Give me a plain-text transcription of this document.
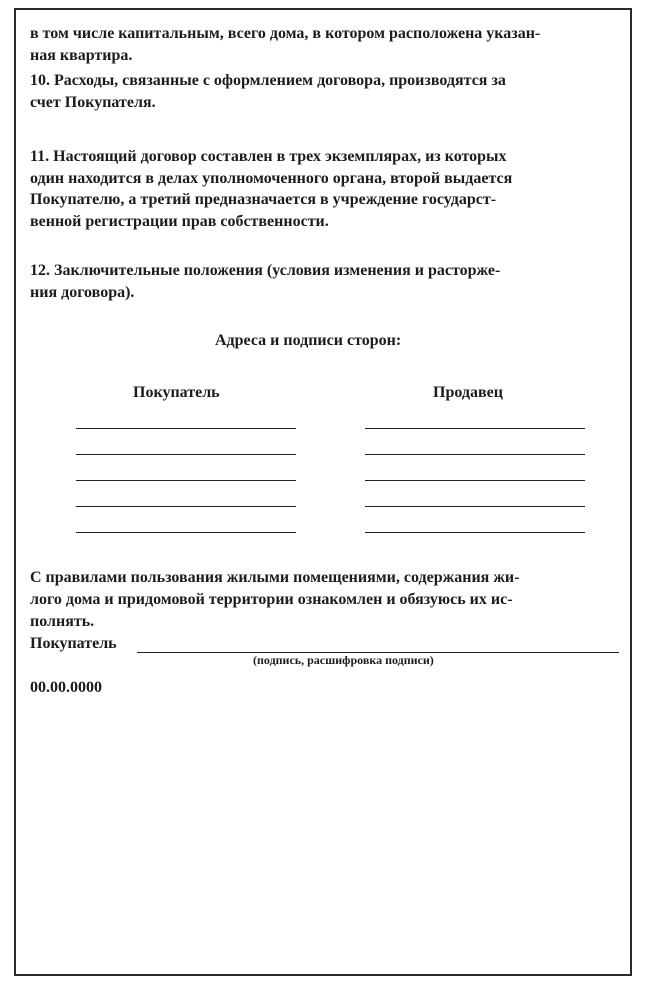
в том числе капитальным, всего дома, в котором расположена указан-
ная квартира.
10. Расходы, связанные с оформлением договора, производятся за
счет Покупателя.
11. Настоящий договор составлен в трех экземплярах, из которых
один находится в делах уполномоченного органа, второй выдается
Покупателю, а третий предназначается в учреждение государст-
венной регистрации прав собственности.
12. Заключительные положения (условия изменения и расторже-
ния договора).
Адреса и подписи сторон:
Покупатель	Продавец
С правилами пользования жилыми помещениями, содержания жи-
лого дома и придомовой территории ознакомлен и обязуюсь их ис-
полнять.
Покупатель
(подпись, расшифровка подписи)
00.00.0000
